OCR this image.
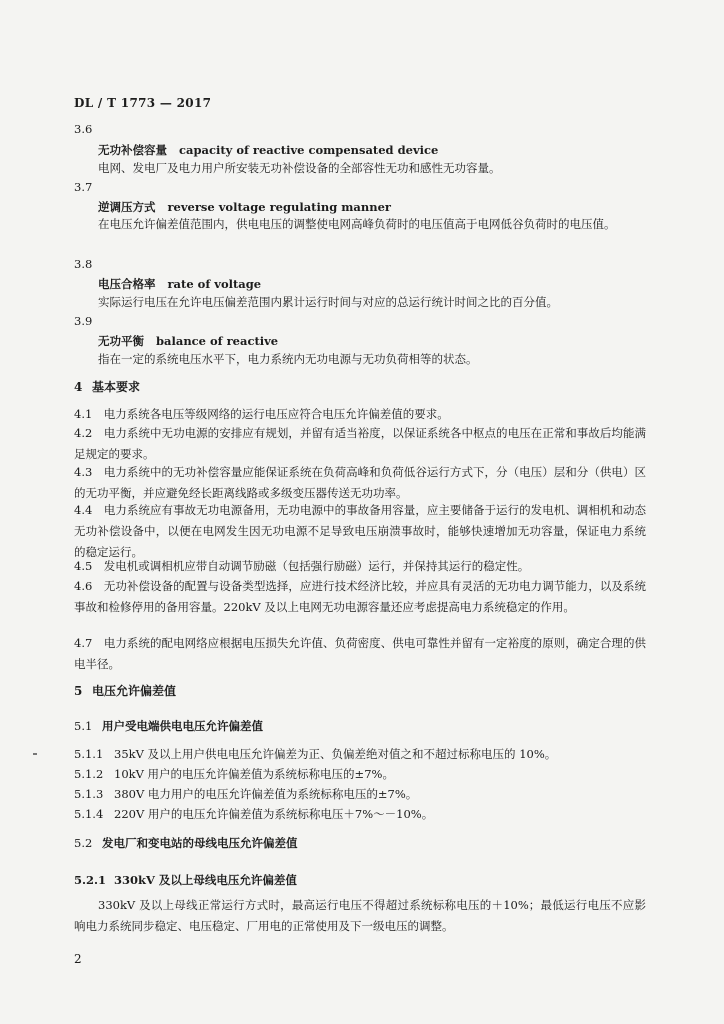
DL / T 1773 — 2017
3.6
无功补偿容量 capacity of reactive compensated device
电网、发电厂及电力用户所安装无功补偿设备的全部容性无功和感性无功容量。
3.7
逆调压方式 reverse voltage regulating manner
在电压允许偏差值范围内，供电电压的调整使电网高峰负荷时的电压值高于电网低谷负荷时的电压值。
3.8
电压合格率 rate of voltage
实际运行电压在允许电压偏差范围内累计运行时间与对应的总运行统计时间之比的百分值。
3.9
无功平衡 balance of reactive
指在一定的系统电压水平下，电力系统内无功电源与无功负荷相等的状态。
4 基本要求
4.1　电力系统各电压等级网络的运行电压应符合电压允许偏差值的要求。
4.2　电力系统中无功电源的安排应有规划，并留有适当裕度，以保证系统各中枢点的电压在正常和事故后均能满足规定的要求。
4.3　电力系统中的无功补偿容量应能保证系统在负荷高峰和负荷低谷运行方式下，分（电压）层和分（供电）区的无功平衡，并应避免经长距离线路或多级变压器传送无功功率。
4.4　电力系统应有事故无功电源备用，无功电源中的事故备用容量，应主要储备于运行的发电机、调相机和动态无功补偿设备中，以便在电网发生因无功电源不足导致电压崩溃事故时，能够快速增加无功容量，保证电力系统的稳定运行。
4.5　发电机或调相机应带自动调节励磁（包括强行励磁）运行，并保持其运行的稳定性。
4.6　无功补偿设备的配置与设备类型选择，应进行技术经济比较，并应具有灵活的无功电力调节能力，以及系统事故和检修停用的备用容量。220kV 及以上电网无功电源容量还应考虑提高电力系统稳定的作用。
4.7　电力系统的配电网络应根据电压损失允许值、负荷密度、供电可靠性并留有一定裕度的原则，确定合理的供电半径。
5 电压允许偏差值
5.1 用户受电端供电电压允许偏差值
5.1.1 35kV 及以上用户供电电压允许偏差为正、负偏差绝对值之和不超过标称电压的 10%。
5.1.2 10kV 用户的电压允许偏差值为系统标称电压的±7%。
5.1.3 380V 电力用户的电压允许偏差值为系统标称电压的±7%。
5.1.4 220V 用户的电压允许偏差值为系统标称电压＋7%～－10%。
5.2 发电厂和变电站的母线电压允许偏差值
5.2.1 330kV 及以上母线电压允许偏差值
330kV 及以上母线正常运行方式时，最高运行电压不得超过系统标称电压的＋10%；最低运行电压不应影响电力系统同步稳定、电压稳定、厂用电的正常使用及下一级电压的调整。
2
